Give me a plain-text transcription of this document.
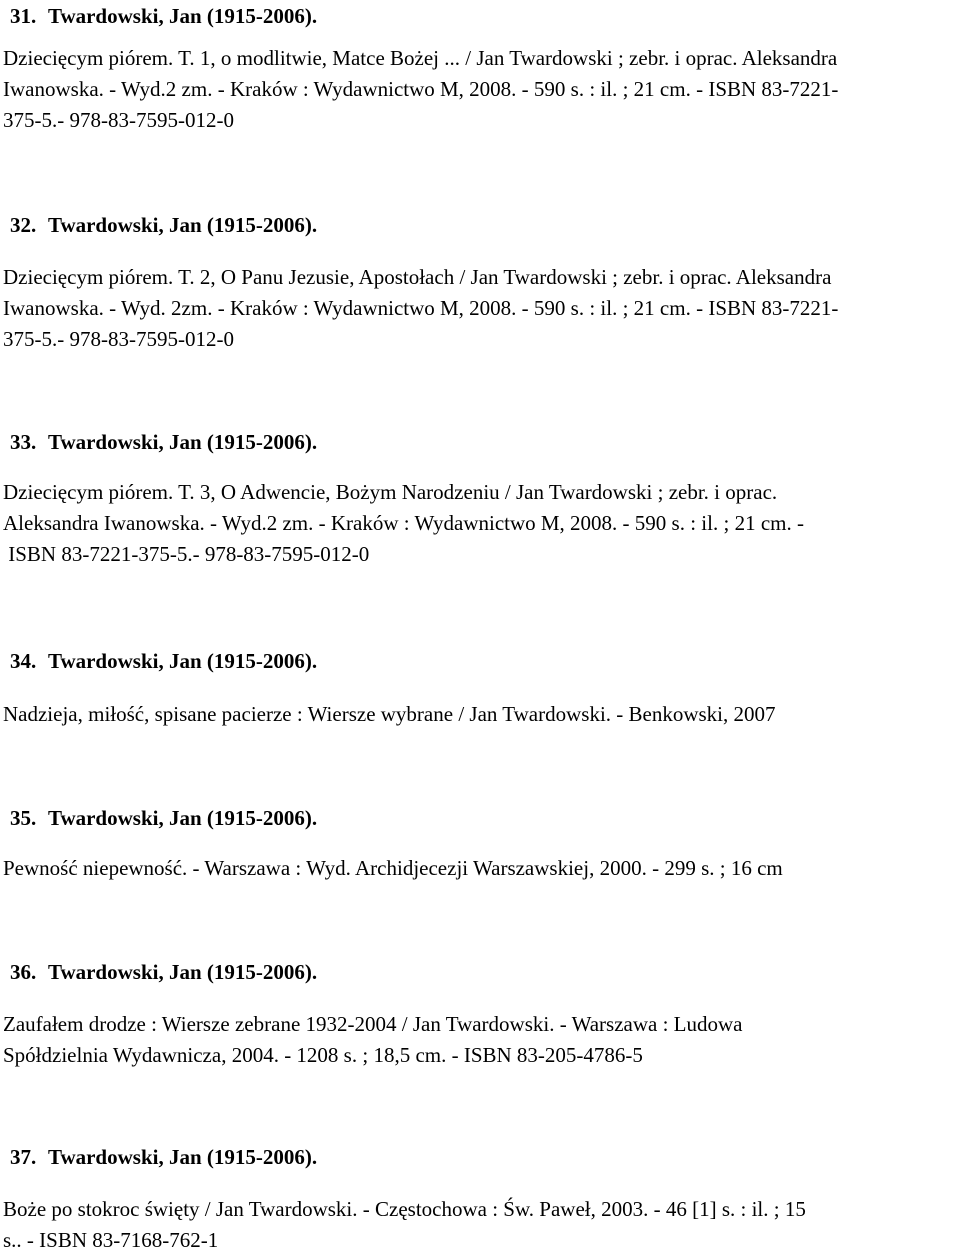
31. Twardowski, Jan (1915-2006).
Dziecięcym piórem. T. 1, o modlitwie, Matce Bożej ... / Jan Twardowski ; zebr. i oprac. Aleksandra
Iwanowska. - Wyd.2 zm. - Kraków : Wydawnictwo M, 2008. - 590 s. : il. ; 21 cm. - ISBN 83-7221-
375-5.- 978-83-7595-012-0
32. Twardowski, Jan (1915-2006).
Dziecięcym piórem. T. 2, O Panu Jezusie, Apostołach / Jan Twardowski ; zebr. i oprac. Aleksandra
Iwanowska. - Wyd. 2zm. - Kraków : Wydawnictwo M, 2008. - 590 s. : il. ; 21 cm. - ISBN 83-7221-
375-5.- 978-83-7595-012-0
33. Twardowski, Jan (1915-2006).
Dziecięcym piórem. T. 3, O Adwencie, Bożym Narodzeniu / Jan Twardowski ; zebr. i oprac.
Aleksandra Iwanowska. - Wyd.2 zm. - Kraków : Wydawnictwo M, 2008. - 590 s. : il. ; 21 cm. -
ISBN 83-7221-375-5.- 978-83-7595-012-0
34. Twardowski, Jan (1915-2006).
Nadzieja, miłość, spisane pacierze : Wiersze wybrane / Jan Twardowski. - Benkowski, 2007
35. Twardowski, Jan (1915-2006).
Pewność niepewność. - Warszawa : Wyd. Archidjecezji Warszawskiej, 2000. - 299 s. ; 16 cm
36. Twardowski, Jan (1915-2006).
Zaufałem drodze : Wiersze zebrane 1932-2004 / Jan Twardowski. - Warszawa : Ludowa
Spółdzielnia Wydawnicza, 2004. - 1208 s. ; 18,5 cm. - ISBN 83-205-4786-5
37. Twardowski, Jan (1915-2006).
Boże po stokroc święty / Jan Twardowski. - Częstochowa : Św. Paweł, 2003. - 46 [1] s. : il. ; 15
s.. - ISBN 83-7168-762-1
